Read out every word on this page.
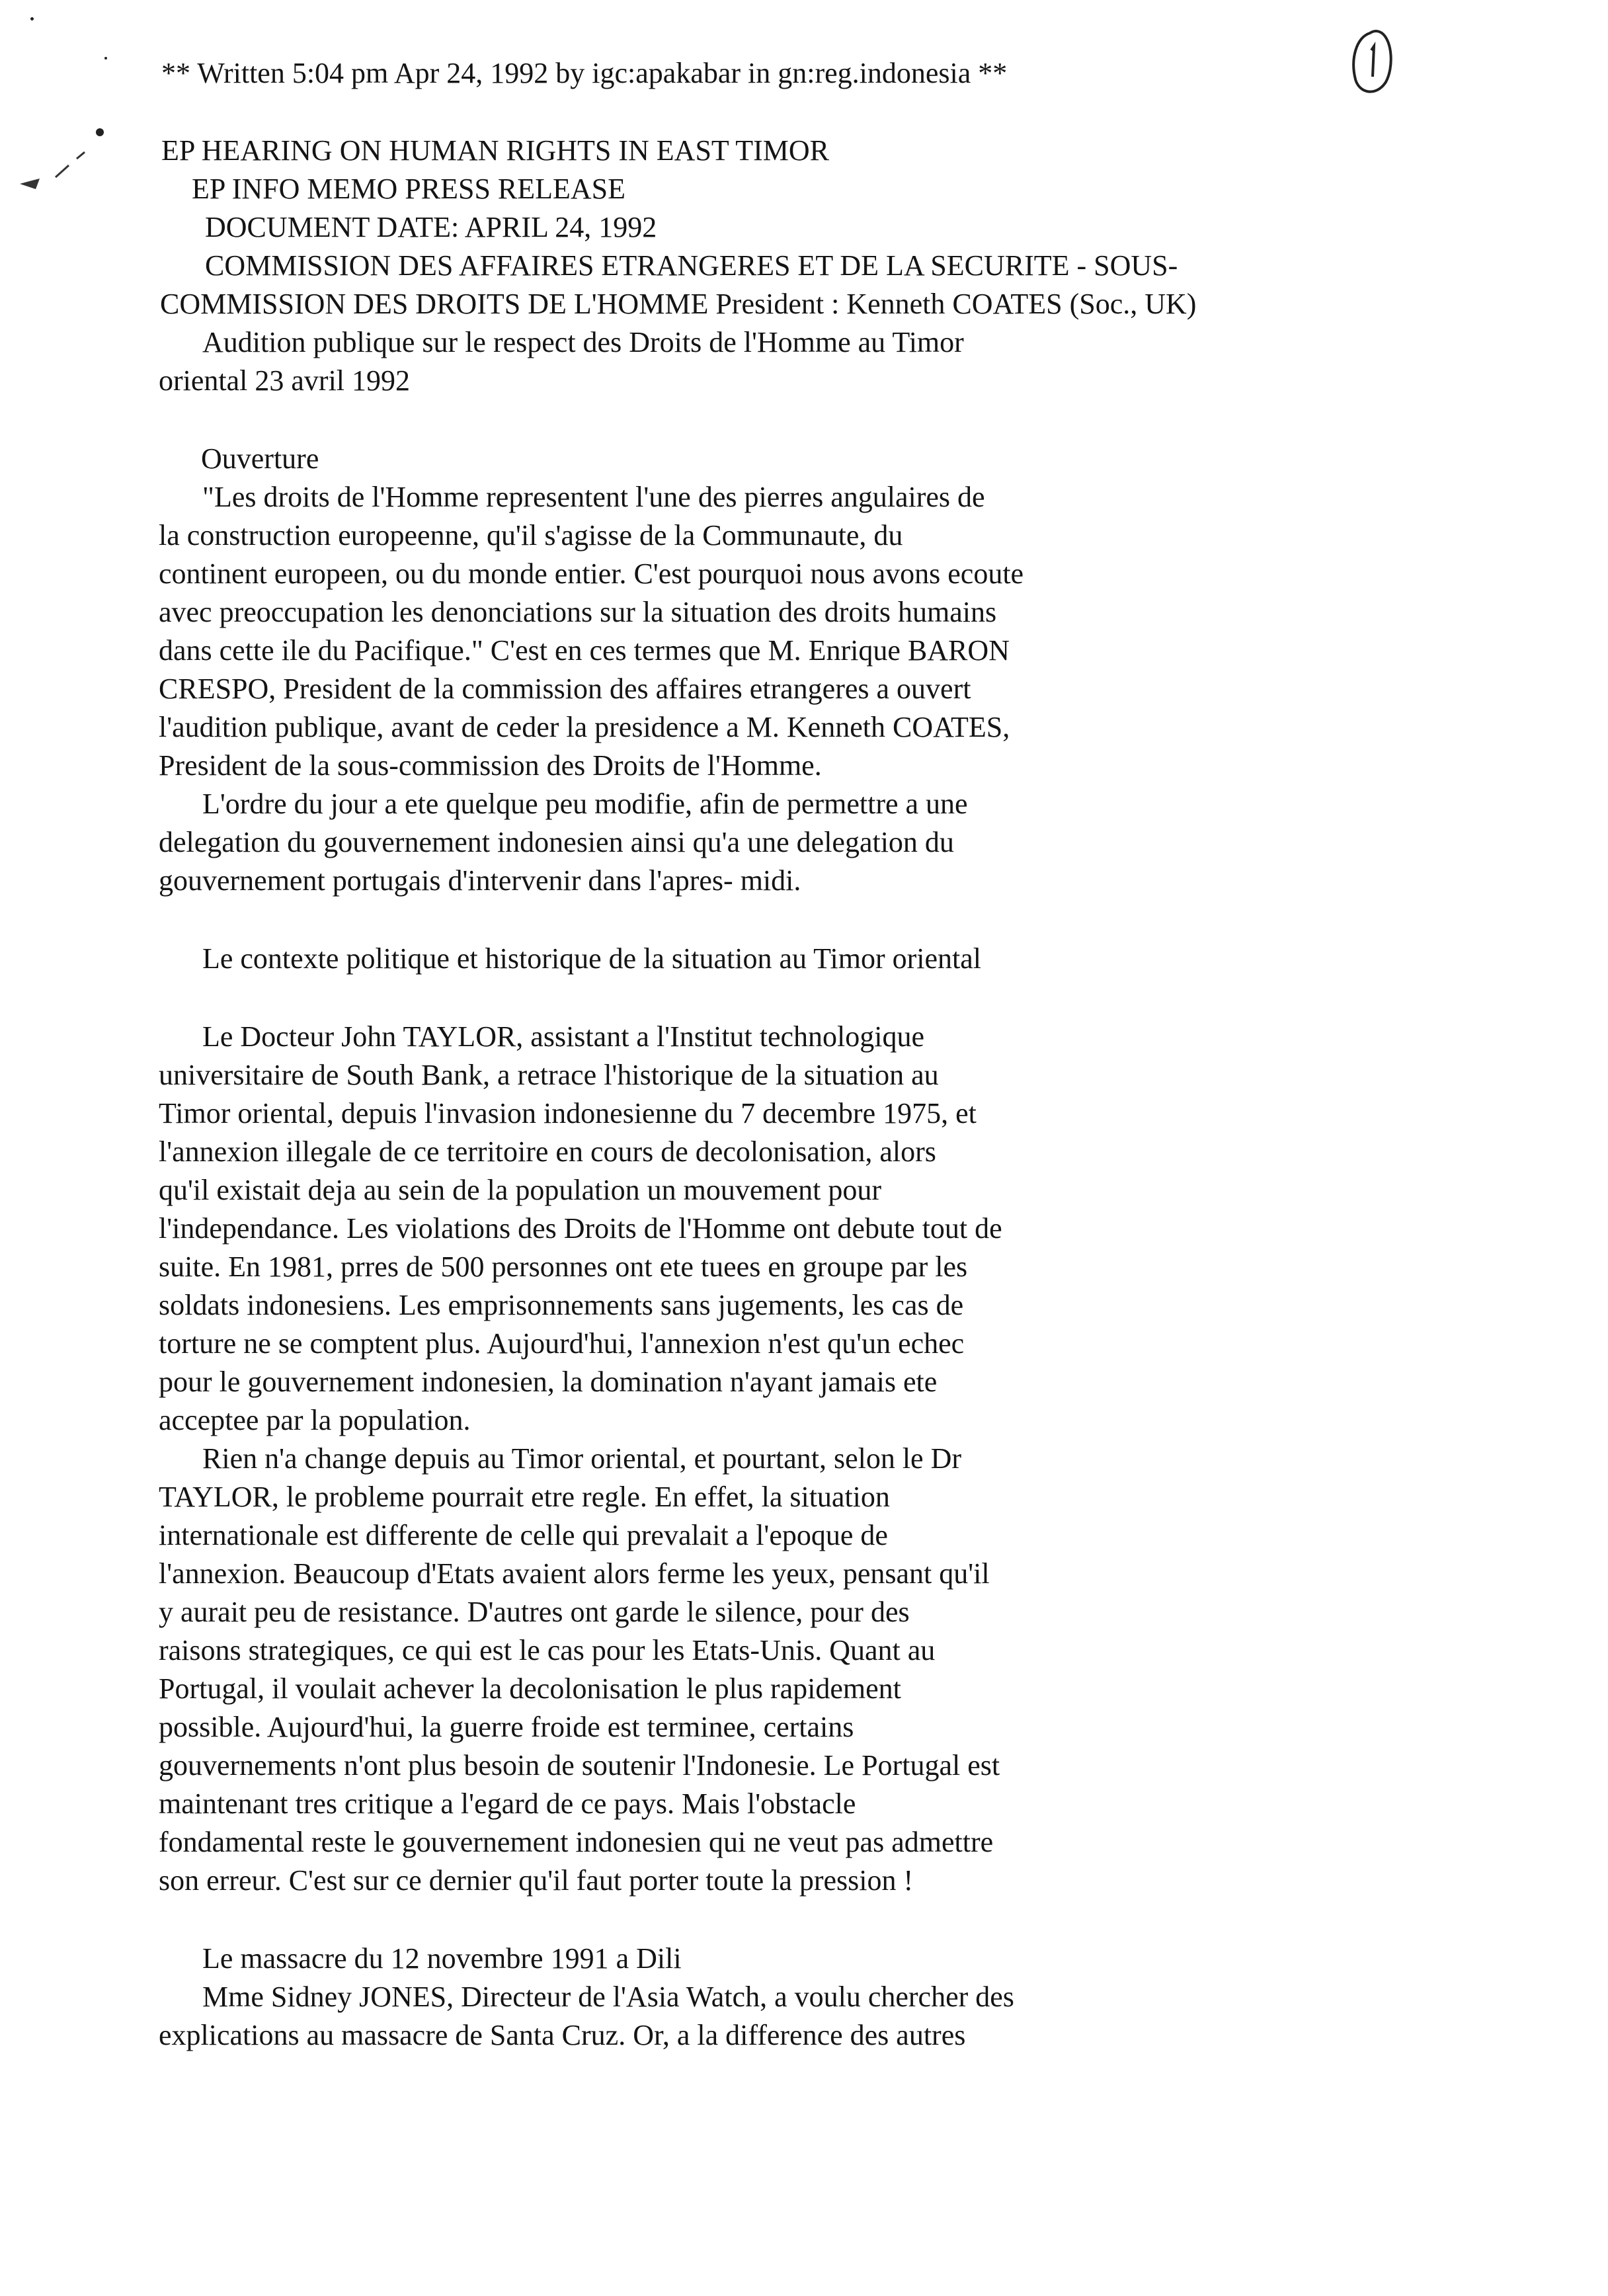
** Written 5:04 pm Apr 24, 1992 by igc:apakabar in gn:reg.indonesia **
EP HEARING ON HUMAN RIGHTS IN EAST TIMOR
EP INFO MEMO PRESS RELEASE
DOCUMENT DATE: APRIL 24, 1992
COMMISSION DES AFFAIRES ETRANGERES ET DE LA SECURITE - SOUS-
COMMISSION DES DROITS DE L'HOMME President : Kenneth COATES (Soc., UK)
Audition publique sur le respect des Droits de l'Homme au Timor
oriental 23 avril 1992
Ouverture
"Les droits de l'Homme representent l'une des pierres angulaires de
la construction europeenne, qu'il s'agisse de la Communaute, du
continent europeen, ou du monde entier. C'est pourquoi nous avons ecoute
avec preoccupation les denonciations sur la situation des droits humains
dans cette ile du Pacifique." C'est en ces termes que M. Enrique BARON
CRESPO, President de la commission des affaires etrangeres a ouvert
l'audition publique, avant de ceder la presidence a M. Kenneth COATES,
President de la sous-commission des Droits de l'Homme.
L'ordre du jour a ete quelque peu modifie, afin de permettre a une
delegation du gouvernement indonesien ainsi qu'a une delegation du
gouvernement portugais d'intervenir dans l'apres- midi.
Le contexte politique et historique de la situation au Timor oriental
Le Docteur John TAYLOR, assistant a l'Institut technologique
universitaire de South Bank, a retrace l'historique de la situation au
Timor oriental, depuis l'invasion indonesienne du 7 decembre 1975, et
l'annexion illegale de ce territoire en cours de decolonisation, alors
qu'il existait deja au sein de la population un mouvement pour
l'independance. Les violations des Droits de l'Homme ont debute tout de
suite. En 1981, prres de 500 personnes ont ete tuees en groupe par les
soldats indonesiens. Les emprisonnements sans jugements, les cas de
torture ne se comptent plus. Aujourd'hui, l'annexion n'est qu'un echec
pour le gouvernement indonesien, la domination n'ayant jamais ete
acceptee par la population.
Rien n'a change depuis au Timor oriental, et pourtant, selon le Dr
TAYLOR, le probleme pourrait etre regle. En effet, la situation
internationale est differente de celle qui prevalait a l'epoque de
l'annexion. Beaucoup d'Etats avaient alors ferme les yeux, pensant qu'il
y aurait peu de resistance. D'autres ont garde le silence, pour des
raisons strategiques, ce qui est le cas pour les Etats-Unis. Quant au
Portugal, il voulait achever la decolonisation le plus rapidement
possible. Aujourd'hui, la guerre froide est terminee, certains
gouvernements n'ont plus besoin de soutenir l'Indonesie. Le Portugal est
maintenant tres critique a l'egard de ce pays. Mais l'obstacle
fondamental reste le gouvernement indonesien qui ne veut pas admettre
son erreur. C'est sur ce dernier qu'il faut porter toute la pression !
Le massacre du 12 novembre 1991 a Dili
Mme Sidney JONES, Directeur de l'Asia Watch, a voulu chercher des
explications au massacre de Santa Cruz. Or, a la difference des autres
